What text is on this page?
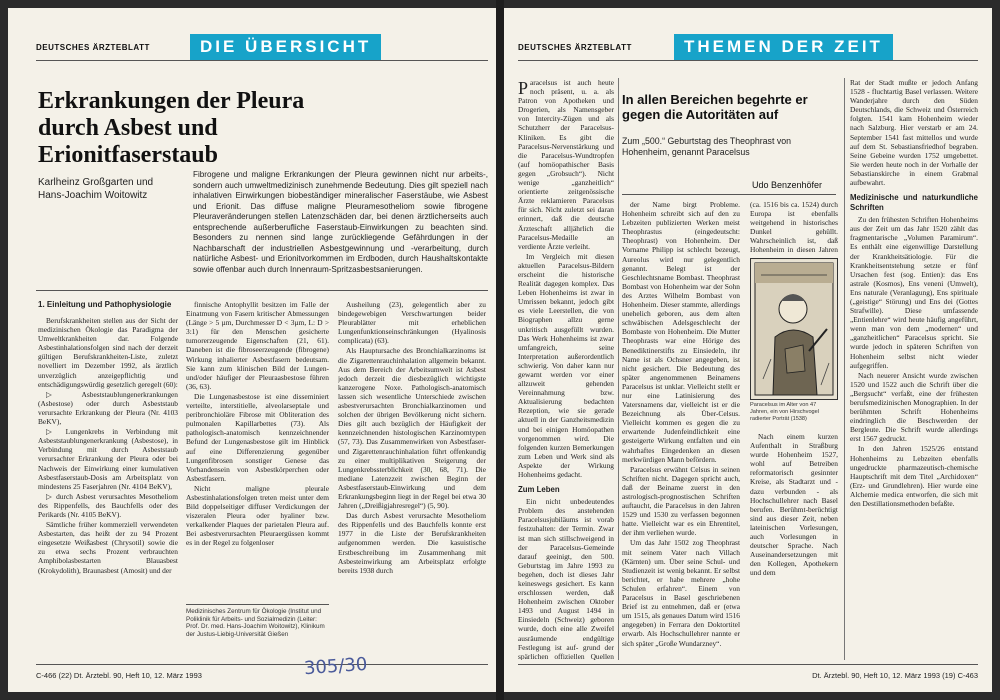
DEUTSCHES ÄRZTEBLATT	DIE ÜBERSICHT
Erkrankungen der Pleura durch Asbest und Erionitfaserstaub
Karlheinz Großgarten und
Hans-Joachim Woitowitz

Fibrogene und maligne Erkrankungen der Pleura gewinnen nicht nur arbeits-, sondern auch umweltmedizinisch zunehmende Bedeutung. Dies gilt speziell nach inhalativen Einwirkungen biobeständiger mineralischer Faserstäube, wie Asbest und Erionit. Das diffuse maligne Pleuramesotheliom sowie fibrogene Pleuraveränderungen stellen Latenzschäden dar, bei denen ärztlicherseits auch entsprechende außerberufliche Faserstaub-Einwirkungen zu beachten sind. Besonders zu nennen sind lange zurückliegende Gefährdungen in der Nachbarschaft der industriellen Asbestgewinnung und -verarbeitung, durch natürliche Asbest- und Erionitvorkommen im Erdboden, durch Haushaltskontakte sowie offenbar auch durch Innenraum-Spritzasbestsanierungen.

1. Einleitung und Pathophysiologie

Berufskrankheiten stellen aus der Sicht der medizinischen Ökologie das Paradigma der Umweltkrankheiten dar. Folgende Asbestinhalationsfolgen sind nach der derzeit gültigen Berufskrankheiten-Liste, zuletzt novelliert im Dezember 1992, als ärztlich unverzüglich anzeigepflichtig und entschädigungswürdig gesetzlich geregelt (60):

▷ Asbeststaublungenerkrankungen (Asbestose) oder durch Asbeststaub verursachte Erkrankung der Pleura (Nr. 4103 BeKV),

▷ Lungenkrebs in Verbindung mit Asbeststaublungenerkrankung (Asbestose), in Verbindung mit durch Asbeststaub verursachter Erkrankung der Pleura oder bei Nachweis der Einwirkung einer kumulativen Asbestfaserstaub-Dosis am Arbeitsplatz von mindestens 25 Faserjahren (Nr. 4104 BeKV),

▷ durch Asbest verursachtes Mesotheliom des Rippenfells, des Bauchfells oder des Perikards (Nr. 4105 BeKV).

Sämtliche früher kommerziell verwendeten Asbestarten, das heißt der zu 94 Prozent eingesetzte Weißasbest (Chrysotil) sowie die zu etwa sechs Prozent verbrauchten Amphibolasbestarten Blauasbest (Krokydolith), Braunasbest (Amosit) und der

finnische Antophyllit besitzen im Falle der Einatmung von Fasern kritischer Abmessungen (Länge > 5 µm, Durchmesser D < 3µm, L: D > 3:1) für den Menschen gesicherte tumorerzeugende Eigenschaften (21, 61). Daneben ist die fibroseerzeugende (fibrogene) Wirkung inhalierter Asbestfasern bedeutsam. Sie kann zum klinischen Bild der Lungen- und/oder häufiger der Pleuraasbestose führen (36, 63).

Die Lungenasbestose ist eine disseminiert verteilte, interstitielle, alveolarseptale und peribronchioläre Fibrose mit Obliteration des pulmonalen Kapillarbettes (73). Als pathologisch-anatomisch kennzeichnender Befund der Lungenasbestose gilt im Hinblick auf eine Differenzierung gegenüber Lungenfibrosen sonstiger Genese das Vorhandensein von Asbestkörperchen oder Asbestfasern.

Nicht maligne pleurale Asbestinhalationsfolgen treten meist unter dem Bild doppelseitiger diffuser Verdickungen der viszeralen Pleura oder hyaliner bzw. verkalkender Plaques der parietalen Pleura auf. Bei asbestverursachten Pleuraergüssen kommt es in der Regel zu folgenloser

Medizinisches Zentrum für Ökologie (Institut und Poliklinik für Arbeits- und Sozialmedizin (Leiter: Prof. Dr. med. Hans-Joachim Woitowitz), Klinikum der Justus-Liebig-Universität Gießen

Ausheilung (23), gelegentlich aber zu bindegewebigen Verschwartungen beider Pleurablätter mit erheblichen Lungenfunktionseinschränkungen (Hyalinosis complicata) (63).

Als Hauptursache des Bronchialkarzinoms ist die Zigarettenrauchinhalation allgemein bekannt. Aus dem Bereich der Arbeitsumwelt ist Asbest jedoch derzeit die diesbezüglich wichtigste kanzerogene Noxe. Pathologisch-anatomisch lassen sich wesentliche Unterschiede zwischen asbestverursachten Bronchialkarzinomen und solchen der übrigen Bevölkerung nicht sichern. Dies gilt auch bezüglich der Häufigkeit der kennzeichnenden histologischen Karzinomtypen (57, 73). Das Zusammenwirken von Asbestfaser- und Zigarettenrauchinhalation führt offenkundig zu einer multiplikativen Steigerung der Lungenkrebssterblichkeit (30, 68, 71). Die mediane Latenzzeit zwischen Beginn der Asbestfaserstaub-Einwirkung und dem Erkrankungsbeginn liegt in der Regel bei etwa 30 Jahren („Dreißigjahresregel“) (5, 90).

Das durch Asbest verursachte Mesotheliom des Rippenfells und des Bauchfells konnte erst 1977 in die Liste der Berufskrankheiten aufgenommen werden. Die kasuistische Erstbeschreibung im Zusammenhang mit Asbesteinwirkung am Arbeitsplatz erfolgte bereits 1938 durch

C-466 (22) Dt. Ärztebl. 90, Heft 10, 12. März 1993	305/30
DEUTSCHES ÄRZTEBLATT	THEMEN DER ZEIT
In allen Bereichen begehrte er gegen die Autoritäten auf
Zum „500.“ Geburtstag des Theophrast von Hohenheim, genannt Paracelsus
Udo Benzenhöfer

Paracelsus ist auch heute noch präsent, u. a. als Patron von Apotheken und Drogerien, als Namensgeber von Intercity-Zügen und als Schutzherr der Paracelsus-Kliniken. Es gibt die Paracelsus-Nervenstärkung und die Paracelsus-Wundtropfen (auf homöopathischer Basis gegen „Grobsuch“). Nicht wenige „ganzheitlich“ orientierte zeitgenössische Ärzte reklamieren Paracelsus für sich. Nicht zuletzt sei daran erinnert, daß die deutsche Ärzteschaft alljährlich die Paracelsus-Medaille an verdiente Ärzte verleiht.

Im Vergleich mit diesen aktuellen Paracelsus-Bildern erscheint die historische Realität dagegen komplex. Das Leben Hohenheims ist zwar in Umrissen bekannt, jedoch gibt es viele Leerstellen, die von Biographen allzu gerne unkritisch ausgefüllt wurden. Das Werk Hohenheims ist zwar umfangreich, seine Interpretation außerordentlich schwierig. Von daher kann nur gewarnt werden vor einer allzuweit gehenden Vereinnahmung bzw. Aktualisierung bedachten Rezeption, wie sie gerade aktuell in der Ganzheitsmedizin und bei einigen Homöopathen vorgenommen wird. Die folgenden kurzen Bemerkungen zum Leben und Werk sind als Aspekte der Wirkung Hohenheims gedacht.

Zum Leben

Ein nicht unbedeutendes Problem des anstehenden Paracelsusjubiläums ist vorab festzuhalten: der Termin. Zwar ist man sich stillschweigend in der Paracelsus-Gemeinde darauf geeinigt, den 500. Geburtstag im Jahre 1993 zu begehen, doch ist dieses Jahr keineswegs gesichert. Es kann erschlossen werden, daß Hohenheim zwischen Oktober 1493 und August 1494 in Einsiedeln (Schweiz) geboren wurde, doch eine alle Zweifel ausräumende endgültige Festlegung ist auf- grund der spärlichen offiziellen Quellen

der Name birgt Probleme. Hohenheim schreibt sich auf den zu Lebzeiten publizierten Werken meist Theophrastus (eingedeutscht: Theophrast) von Hohenheim. Der Vorname Philipp ist schlecht bezeugt, Aureolus wird nur gelegentlich genannt. Belegt ist der Geschlechtsname Bombast. Theophrast Bombast von Hohenheim war der Sohn des Arztes Wilhelm Bombast von Hohenheim. Dieser stammte, allerdings unehelich geboren, aus dem alten schwäbischen Adelsgeschlecht der Bombaste von Hohenheim. Die Mutter Theophrasts war eine Hörige des Benediktinerstifts zu Einsiedeln, ihr Name ist als Ochsner angegeben, ist nicht gesichert. Die Bedeutung des später angenommenen Beinamens Paracelsus ist unklar. Vielleicht stellt er nur eine Latinisierung des Vatersnamens dar, vielleicht ist er die Bezeichnung als Über-Celsus. Vielleicht kommen es gegen die zu erwartende Judenfeindlichkeit eine gesteigerte Wirkung entfalten und ein wahrhaftes Eingedenken an diesen merkwürdigen Mann befördern.

Paracelsus erwähnt Celsus in seinen Schriften nicht. Dagegen spricht auch, daß der Beiname zuerst in den astrologisch-prognostischen Schriften auftaucht, die Paracelsus in den Jahren 1529 und 1530 zu verfassen begonnen hatte. Vielleicht war es ein Ehrentitel, der ihm verliehen wurde.

Um das Jahr 1502 zog Theophrast mit seinem Vater nach Villach (Kärnten) um. Über seine Schul- und Studienzeit ist wenig bekannt. Er selbst berichtet, er habe mehrere „hohe Schulen erfahren“. Einem von Paracelsus in Basel geschriebenen Brief ist zu entnehmen, daß er (etwa um 1515, als genaues Datum wird 1516 angegeben) in Ferrara den Doktortitel erwarb. Als Hochschullehrer nannte er sich später „Große Wundarzney“.

(ca. 1516 bis ca. 1524) durch Europa ist ebenfalls weitgehend in historisches Dunkel gehüllt. Wahrscheinlich ist, daß Hohenheim in diesen Jahren

Paracelsus im Alter von 47 Jahren, ein von Hirschvogel radierter Porträt (1538)

Nach einem kurzen Aufenthalt in Straßburg wurde Hohenheim 1527, wohl auf Betreiben reformatorisch gesinnter Kreise, als Stadtarzt und - dazu verbunden - als Hochschullehrer nach Basel berufen. Berühmt-berüchtigt sind aus dieser Zeit, neben lateinischen Vorlesungen, auch Vorlesungen in deutscher Sprache. Nach Auseinandersetzungen mit den Kollegen, Apothekern und dem

Rat der Stadt mußte er jedoch Anfang 1528 - fluchtartig Basel verlassen. Weitere Wanderjahre durch den Süden Deutschlands, die Schweiz und Österreich folgten. 1541 kam Hohenheim wieder nach Salzburg. Hier verstarb er am 24. September 1541 fast mittellos und wurde auf dem St. Sebastiansfriedhof begraben. Seine Gebeine wurden 1752 umgebettet. Sie werden heute noch in der Vorhalle der Sebastianskirche in einem Grabmal aufbewahrt.

Medizinische und naturkundliche Schriften

Zu den frühesten Schriften Hohenheims aus der Zeit um das Jahr 1520 zählt das fragmentarische „Volumen Paramirum“. Es enthält eine eigenwillige Darstellung der Krankheitsätiologie. Für die Krankheitsentstehung setzte er fünf Ursachen fest (sog. Entien): das Ens astrale (Kosmos), Ens veneni (Umwelt), Ens naturale (Veranlagung), Ens spirituale („geistige“ Störung) und Ens dei (Gottes Strafwille). Diese umfassende „Entienlehre“ wird heute häufig angeführt, wenn man von dem „modernen“ und „ganzheitlichen“ Paracelsus spricht. Sie wurde jedoch in späteren Schriften von Hohenheim selbst nicht wieder aufgegriffen.

Nach neuerer Ansicht wurde zwischen 1520 und 1522 auch die Schrift über die „Bergsucht“ verfaßt, eine der frühesten berufsmedizinischen Monographien. In der berühmten Schrift Hohenheims eindringlich die Beschwerden der Bergleute. Die Schrift wurde allerdings erst 1567 gedruckt.

In den Jahren 1525/26 entstand Hohenheims zu Lebzeiten ebenfalls ungedruckte pharmazeutisch-chemische Hauptschrift mit dem Titel „Archidoxen“ (Erz- und Grundlehren). Hier wurde eine Alchemie medica entworfen, die sich mit den Destillationsmethoden befaßte.

Dt. Ärztebl. 90, Heft 10, 12. März 1993 (19) C-463
